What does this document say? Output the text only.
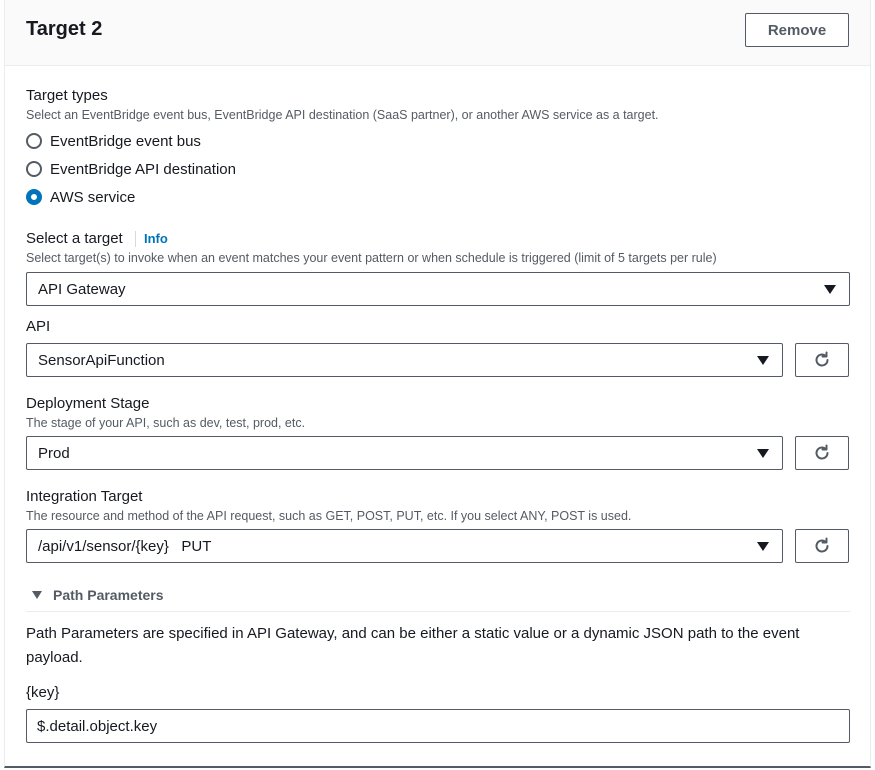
Target 2	Remove
Target types
Select an EventBridge event bus, EventBridge API destination (SaaS partner), or another AWS service as a target.
EventBridge event bus
EventBridge API destination
AWS service
Select a target Info
Select target(s) to invoke when an event matches your event pattern or when schedule is triggered (limit of 5 targets per rule)
API Gateway
API
SensorApiFunction
Deployment Stage
The stage of your API, such as dev, test, prod, etc.
Prod
Integration Target
The resource and method of the API request, such as GET, POST, PUT, etc. If you select ANY, POST is used.
/api/v1/sensor/{key}   PUT
Path Parameters
Path Parameters are specified in API Gateway, and can be either a static value or a dynamic JSON path to the event payload.
{key}
$.detail.object.key
